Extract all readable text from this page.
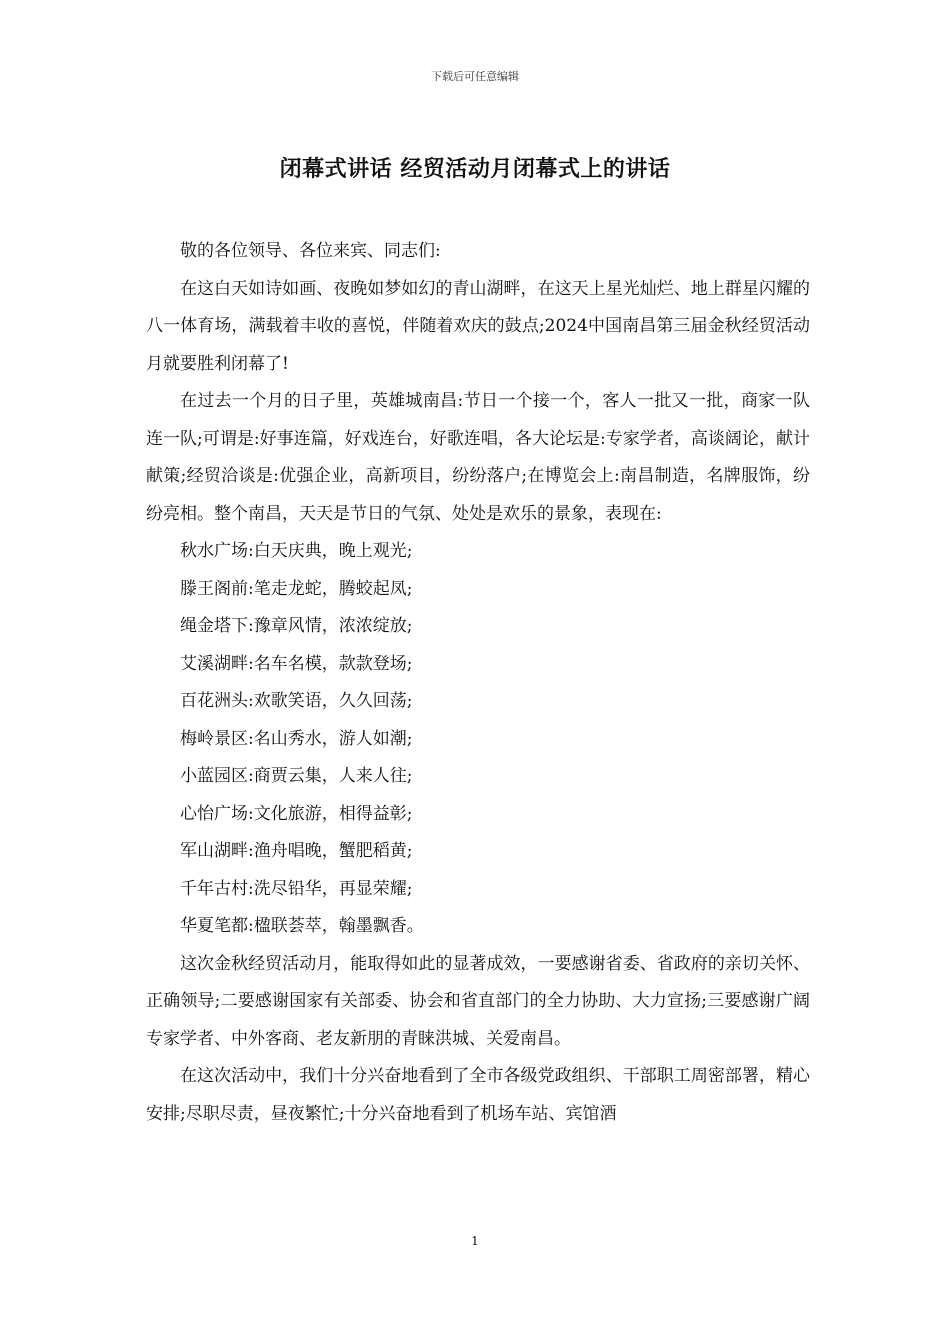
下载后可任意编辑
闭幕式讲话 经贸活动月闭幕式上的讲话

敬的各位领导、各位来宾、同志们:

在这白天如诗如画、夜晚如梦如幻的青山湖畔，在这天上星光灿烂、地上群星闪耀的八一体育场，满载着丰收的喜悦，伴随着欢庆的鼓点;2024中国南昌第三届金秋经贸活动月就要胜利闭幕了!

在过去一个月的日子里，英雄城南昌:节日一个接一个，客人一批又一批，商家一队连一队;可谓是:好事连篇，好戏连台，好歌连唱，各大论坛是:专家学者，高谈阔论，献计献策;经贸洽谈是:优强企业，高新项目，纷纷落户;在博览会上:南昌制造，名牌服饰，纷纷亮相。整个南昌，天天是节日的气氛、处处是欢乐的景象，表现在:

秋水广场:白天庆典，晚上观光;

滕王阁前:笔走龙蛇，腾蛟起凤;

绳金塔下:豫章风情，浓浓绽放;

艾溪湖畔:名车名模，款款登场;

百花洲头:欢歌笑语，久久回荡;

梅岭景区:名山秀水，游人如潮;

小蓝园区:商贾云集，人来人往;

心怡广场:文化旅游，相得益彰;

军山湖畔:渔舟唱晚，蟹肥稻黄;

千年古村:洗尽铅华，再显荣耀;

华夏笔都:楹联荟萃，翰墨飘香。

这次金秋经贸活动月，能取得如此的显著成效，一要感谢省委、省政府的亲切关怀、正确领导;二要感谢国家有关部委、协会和省直部门的全力协助、大力宣扬;三要感谢广阔专家学者、中外客商、老友新朋的青睐洪城、关爱南昌。

在这次活动中，我们十分兴奋地看到了全市各级党政组织、干部职工周密部署，精心安排;尽职尽责，昼夜繁忙;十分兴奋地看到了机场车站、宾馆酒

1
